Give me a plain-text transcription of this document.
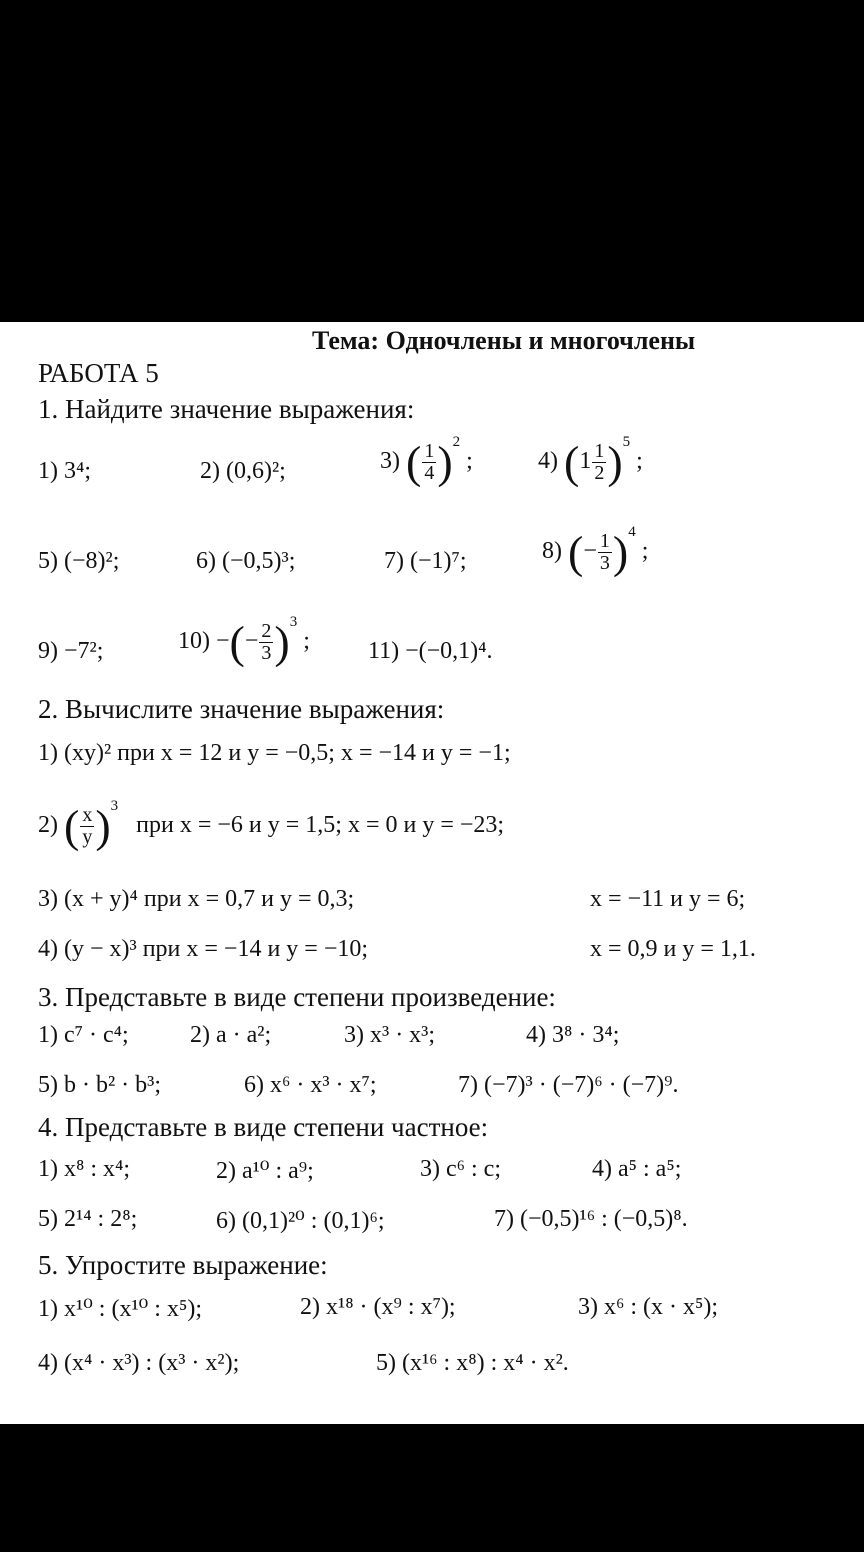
Тема: Одночлены и многочлены
РАБОТА 5
1. Найдите значение выражения:
1) 3⁴;	2) (0,6)²;	3) ( $\frac{1}{4} )^2$ ;	4) $(1 \frac{1}{2} )^5$ ;
5) (−8)²;	6) (−0,5)³;	7) (−1)⁷;	8) (− $\frac{1}{3} )^4$ ;
9) −7²;	10) −(− $\frac{2}{3} )^3$ ; 11) −(−0,1)⁴.
2. Вычислите значение выражения:
1) (xy)² при x = 12 и y = −0,5; x = −14 и y = −1;
2) ( $\frac{x}{y} )^3$   при x = −6 и y = 1,5; x = 0 и y = −23;
3) (x + y)⁴ при x = 0,7 и y = 0,3;	x = −11 и y = 6;
4) (y − x)³ при x = −14 и y = −10;	x = 0,9 и y = 1,1.
3. Представьте в виде степени произведение:
1) c⁷ · c⁴;	2) a · a²;	3) x³ · x³;	4) 3⁸ · 3⁴;
5) b · b² · b³;	6) x⁶ · x³ · x⁷;	7) (−7)³ · (−7)⁶ · (−7)⁹.
4. Представьте в виде степени частное:
1) x⁸ : x⁴;	2) a¹⁰ : a⁹;	3) c⁶ : c;	4) a⁵ : a⁵;
5) 2¹⁴ : 2⁸;	6) (0,1)²⁰ : (0,1)⁶;	7) (−0,5)¹⁶ : (−0,5)⁸.
5. Упростите выражение:
1) x¹⁰ : (x¹⁰ : x⁵);	2) x¹⁸ · (x⁹ : x⁷);	3) x⁶ : (x · x⁵);
4) (x⁴ · x³) : (x³ · x²);	5) (x¹⁶ : x⁸) : x⁴ · x².
